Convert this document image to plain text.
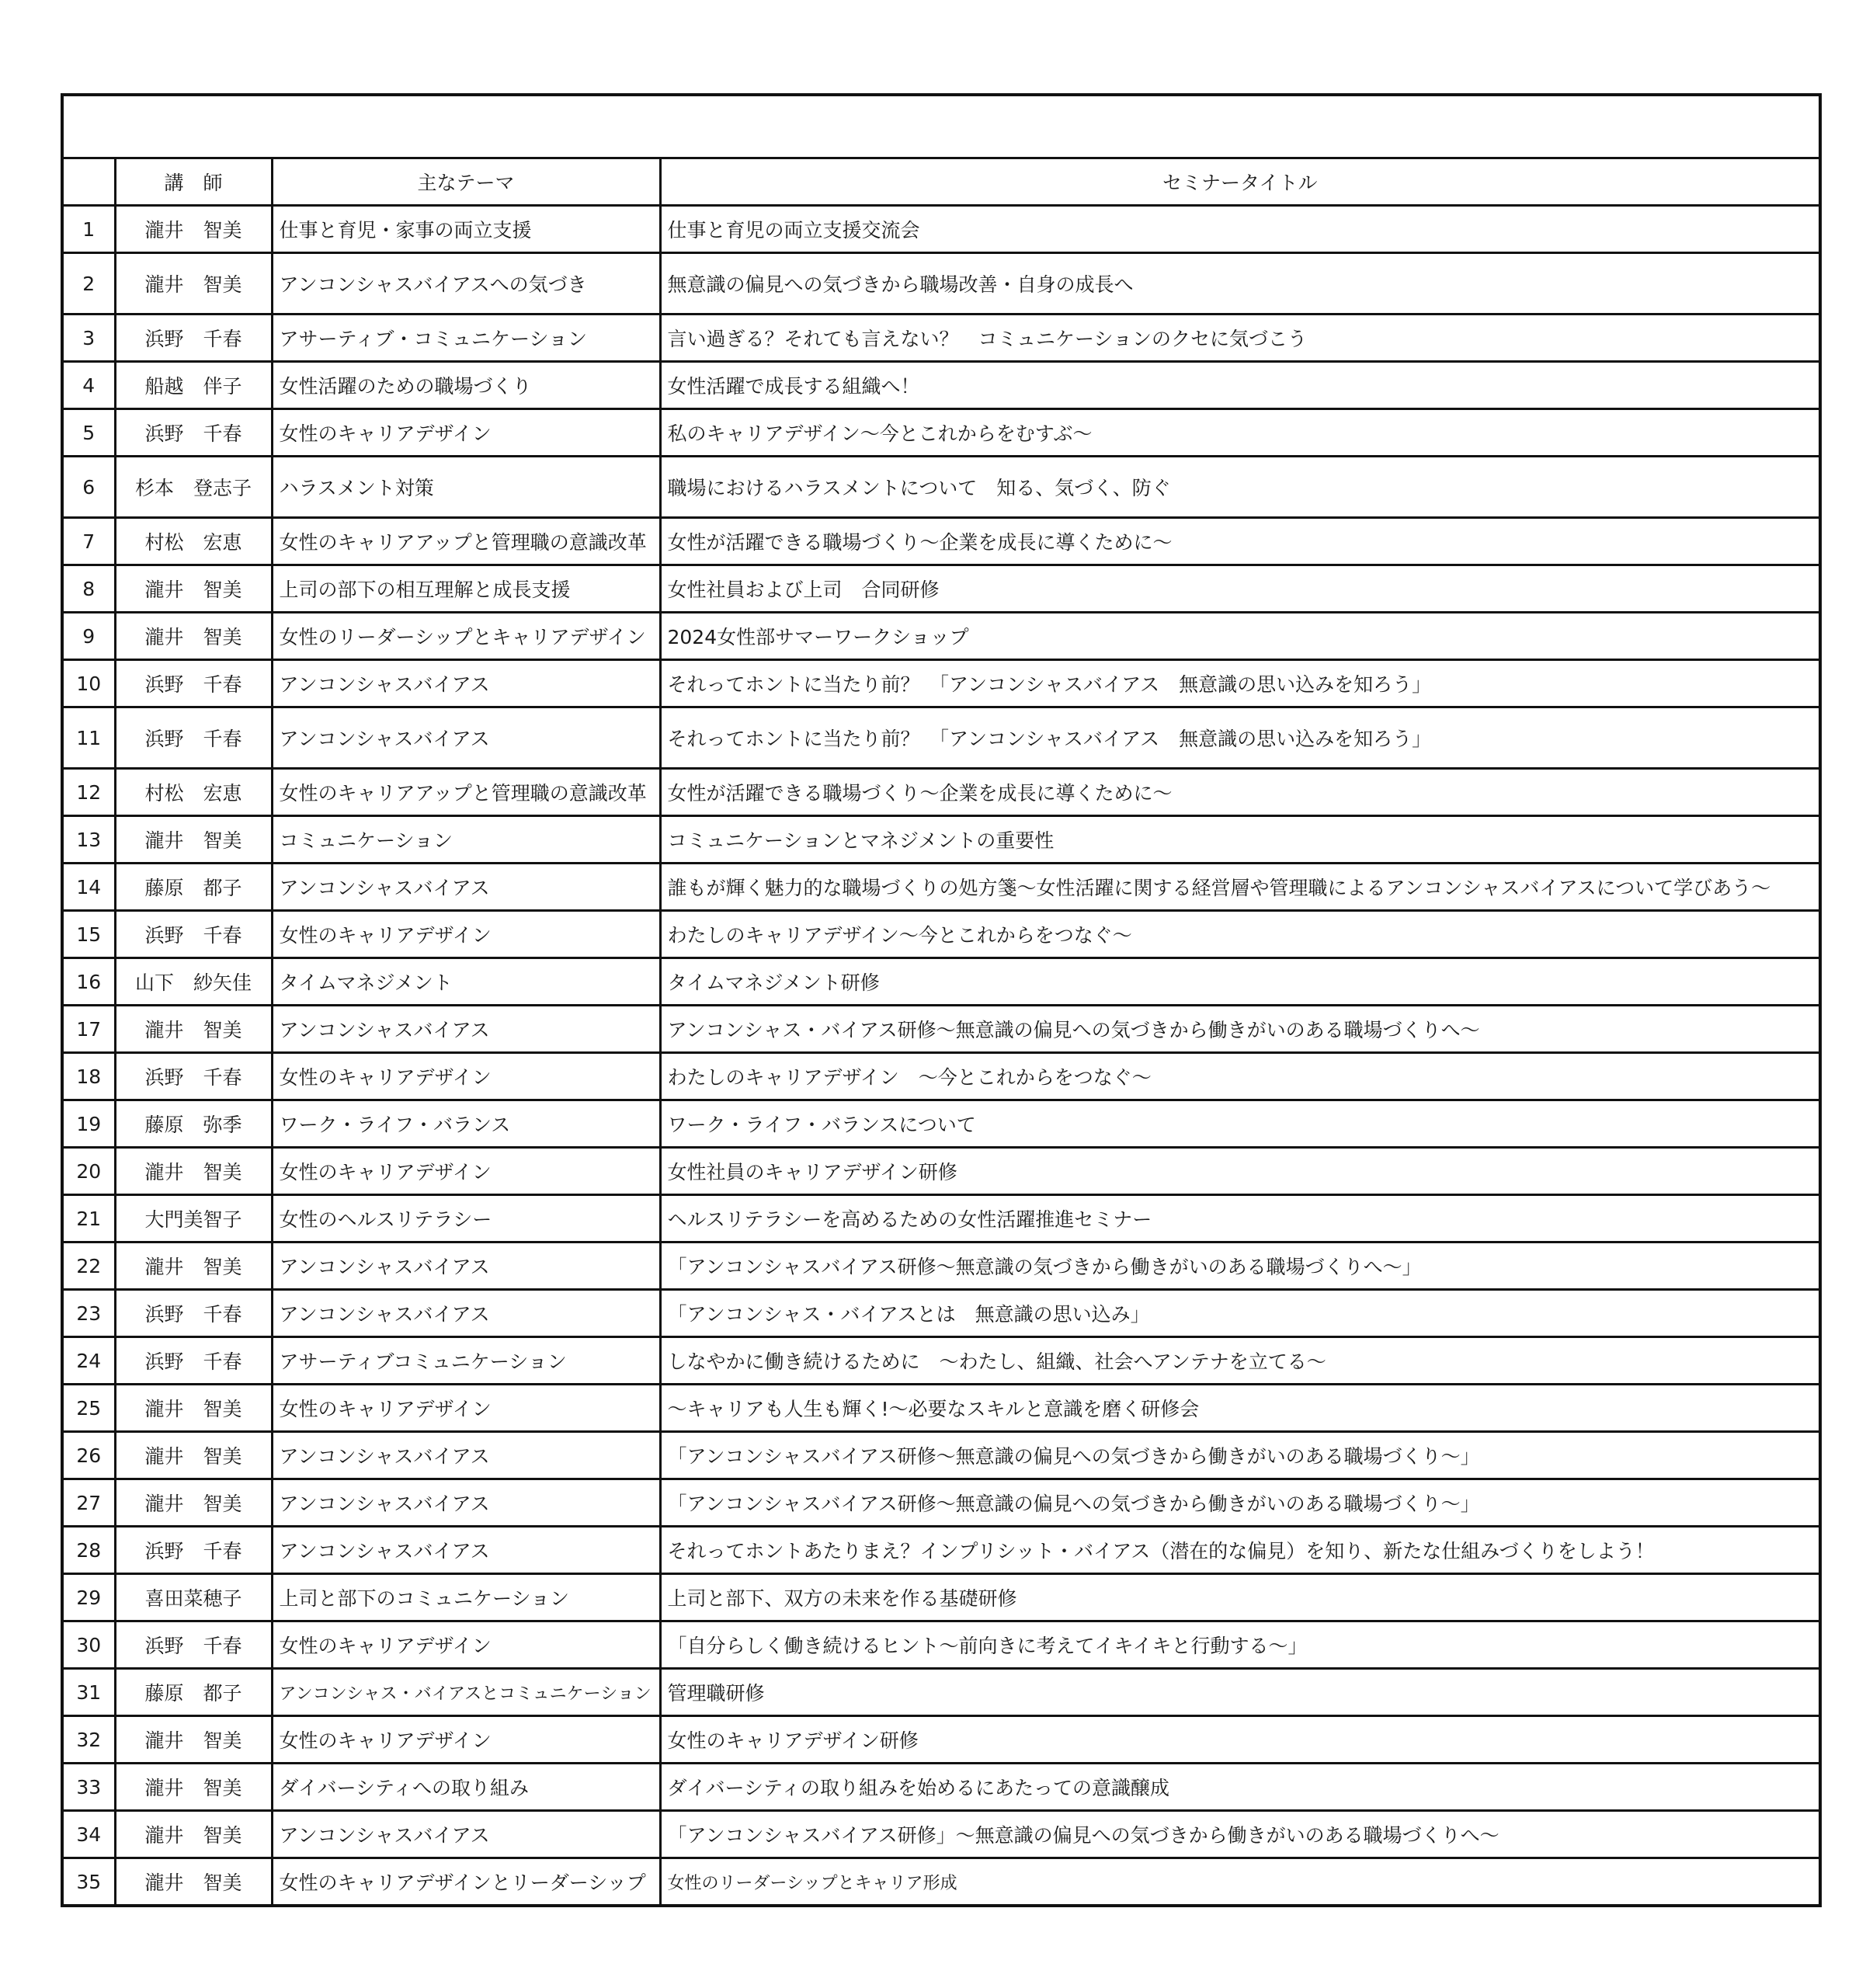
	講　師	主なテーマ	セミナータイトル
1	瀧井　智美	仕事と育児・家事の両立支援	仕事と育児の両立支援交流会
2	瀧井　智美	アンコンシャスバイアスへの気づき	無意識の偏見への気づきから職場改善・自身の成長へ
3	浜野　千春	アサーティブ・コミュニケーション	言い過ぎる？それても言えない？　コミュニケーションのクセに気づこう
4	船越　伴子	女性活躍のための職場づくり	女性活躍で成長する組織へ！
5	浜野　千春	女性のキャリアデザイン	私のキャリアデザイン～今とこれからをむすぶ～
6	杉本　登志子	ハラスメント対策	職場におけるハラスメントについて　知る、気づく、防ぐ
7	村松　宏恵	女性のキャリアアップと管理職の意識改革	女性が活躍できる職場づくり～企業を成長に導くために～
8	瀧井　智美	上司の部下の相互理解と成長支援	女性社員および上司　合同研修
9	瀧井　智美	女性のリーダーシップとキャリアデザイン	2024女性部サマーワークショップ
10	浜野　千春	アンコンシャスバイアス	それってホントに当たり前？　「アンコンシャスバイアス　無意識の思い込みを知ろう」
11	浜野　千春	アンコンシャスバイアス	それってホントに当たり前？　「アンコンシャスバイアス　無意識の思い込みを知ろう」
12	村松　宏恵	女性のキャリアアップと管理職の意識改革	女性が活躍できる職場づくり～企業を成長に導くために～
13	瀧井　智美	コミュニケーション	コミュニケーションとマネジメントの重要性
14	藤原　都子	アンコンシャスバイアス	誰もが輝く魅力的な職場づくりの処方箋～女性活躍に関する経営層や管理職によるアンコンシャスバイアスについて学びあう～
15	浜野　千春	女性のキャリアデザイン	わたしのキャリアデザイン～今とこれからをつなぐ～
16	山下　紗矢佳	タイムマネジメント	タイムマネジメント研修
17	瀧井　智美	アンコンシャスバイアス	アンコンシャス・バイアス研修～無意識の偏見への気づきから働きがいのある職場づくりへ～
18	浜野　千春	女性のキャリアデザイン	わたしのキャリアデザイン　～今とこれからをつなぐ～
19	藤原　弥季	ワーク・ライフ・バランス	ワーク・ライフ・バランスについて
20	瀧井　智美	女性のキャリアデザイン	女性社員のキャリアデザイン研修
21	大門美智子	女性のヘルスリテラシー	ヘルスリテラシーを高めるための女性活躍推進セミナー
22	瀧井　智美	アンコンシャスバイアス	「アンコンシャスバイアス研修～無意識の気づきから働きがいのある職場づくりへ～」
23	浜野　千春	アンコンシャスバイアス	「アンコンシャス・バイアスとは　無意識の思い込み」
24	浜野　千春	アサーティブコミュニケーション	しなやかに働き続けるために　～わたし、組織、社会へアンテナを立てる～
25	瀧井　智美	女性のキャリアデザイン	～キャリアも人生も輝く!～必要なスキルと意識を磨く研修会
26	瀧井　智美	アンコンシャスバイアス	「アンコンシャスバイアス研修～無意識の偏見への気づきから働きがいのある職場づくり～」
27	瀧井　智美	アンコンシャスバイアス	「アンコンシャスバイアス研修～無意識の偏見への気づきから働きがいのある職場づくり～」
28	浜野　千春	アンコンシャスバイアス	それってホントあたりまえ？インプリシット・バイアス（潜在的な偏見）を知り、新たな仕組みづくりをしよう！
29	喜田菜穂子	上司と部下のコミュニケーション	上司と部下、双方の未来を作る基礎研修
30	浜野　千春	女性のキャリアデザイン	「自分らしく働き続けるヒント～前向きに考えてイキイキと行動する～」
31	藤原　都子	アンコンシャス・バイアスとコミュニケーション	管理職研修
32	瀧井　智美	女性のキャリアデザイン	女性のキャリアデザイン研修
33	瀧井　智美	ダイバーシティへの取り組み	ダイバーシティの取り組みを始めるにあたっての意識醸成
34	瀧井　智美	アンコンシャスバイアス	「アンコンシャスバイアス研修」～無意識の偏見への気づきから働きがいのある職場づくりへ～
35	瀧井　智美	女性のキャリアデザインとリーダーシップ	女性のリーダーシップとキャリア形成
